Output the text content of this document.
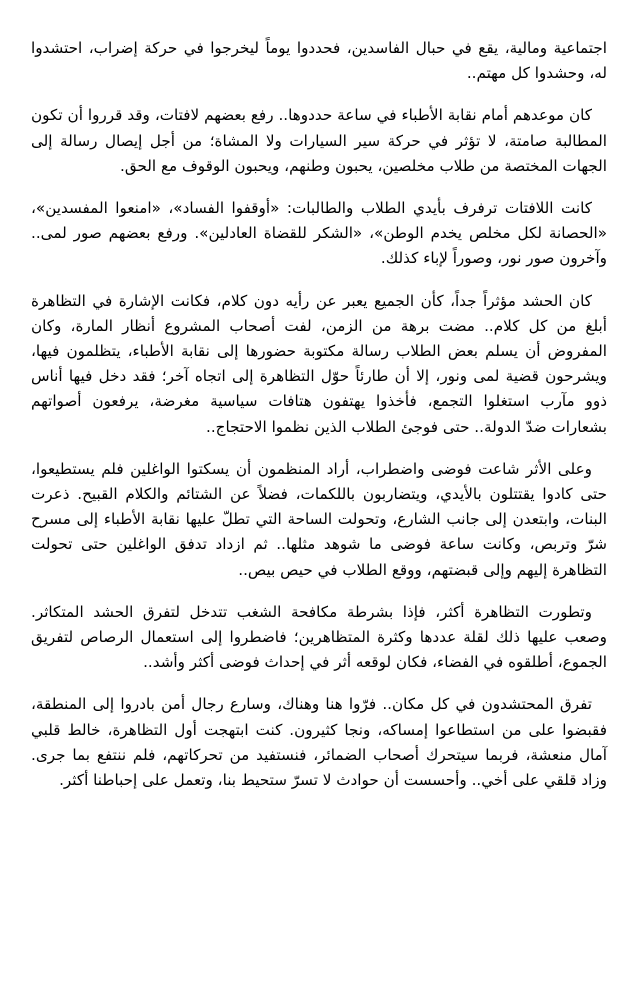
اجتماعية ومالية، يقع في حبال الفاسدين، فحددوا يوماً ليخرجوا في حركة إضراب، احتشدوا له، وحشدوا كل مهتم..

كان موعدهم أمام نقابة الأطباء في ساعة حددوها.. رفع بعضهم لافتات، وقد قرروا أن تكون المطالبة صامتة، لا تؤثر في حركة سير السيارات ولا المشاة؛ من أجل إيصال رسالة إلى الجهات المختصة من طلاب مخلصين، يحبون وطنهم، ويحبون الوقوف مع الحق.

كانت اللافتات ترفرف بأيدي الطلاب والطالبات: «أوقفوا الفساد»، «امنعوا المفسدين»، «الحصانة لكل مخلص يخدم الوطن»، «الشكر للقضاة العادلين». ورفع بعضهم صور لمى.. وآخرون صور نور، وصوراً لإباء كذلك.

كان الحشد مؤثراً جداً، كأن الجميع يعبر عن رأيه دون كلام، فكانت الإشارة في التظاهرة أبلغ من كل كلام.. مضت برهة من الزمن، لفت أصحاب المشروع أنظار المارة، وكان المفروض أن يسلم بعض الطلاب رسالة مكتوبة حضورها إلى نقابة الأطباء، يتظلمون فيها، ويشرحون قضية لمى ونور، إلا أن طارئاً حوّل التظاهرة إلى اتجاه آخر؛ فقد دخل فيها أناس ذوو مآرب استغلوا التجمع، فأخذوا يهتفون هتافات سياسية مغرضة، يرفعون أصواتهم بشعارات ضدّ الدولة.. حتى فوجئ الطلاب الذين نظموا الاحتجاج..

وعلى الأثر شاعت فوضى واضطراب، أراد المنظمون أن يسكتوا الواغلين فلم يستطيعوا، حتى كادوا يقتتلون بالأيدي، ويتضاربون باللكمات، فضلاً عن الشتائم والكلام القبيح. ذعرت البنات، وابتعدن إلى جانب الشارع، وتحولت الساحة التي تطلّ عليها نقابة الأطباء إلى مسرح شرّ وتربص، وكانت ساعة فوضى ما شوهد مثلها.. ثم ازداد تدفق الواغلين حتى تحولت التظاهرة إليهم وإلى قبضتهم، ووقع الطلاب في حيص بيص..

وتطورت التظاهرة أكثر، فإذا بشرطة مكافحة الشغب تتدخل لتفرق الحشد المتكاثر. وصعب عليها ذلك لقلة عددها وكثرة المتظاهرين؛ فاضطروا إلى استعمال الرصاص لتفريق الجموع، أطلقوه في الفضاء، فكان لوقعه أثر في إحداث فوضى أكثر وأشد..

تفرق المحتشدون في كل مكان.. فرّوا هنا وهناك، وسارع رجال أمن بادروا إلى المنطقة، فقبضوا على من استطاعوا إمساكه، ونجا كثيرون. كنت ابتهجت أول التظاهرة، خالط قلبي آمال منعشة، فربما سيتحرك أصحاب الضمائر، فنستفيد من تحركاتهم، فلم ننتفع بما جرى. وزاد قلقي على أخي.. وأحسست أن حوادث لا تسرّ ستحيط بنا، وتعمل على إحباطنا أكثر.
